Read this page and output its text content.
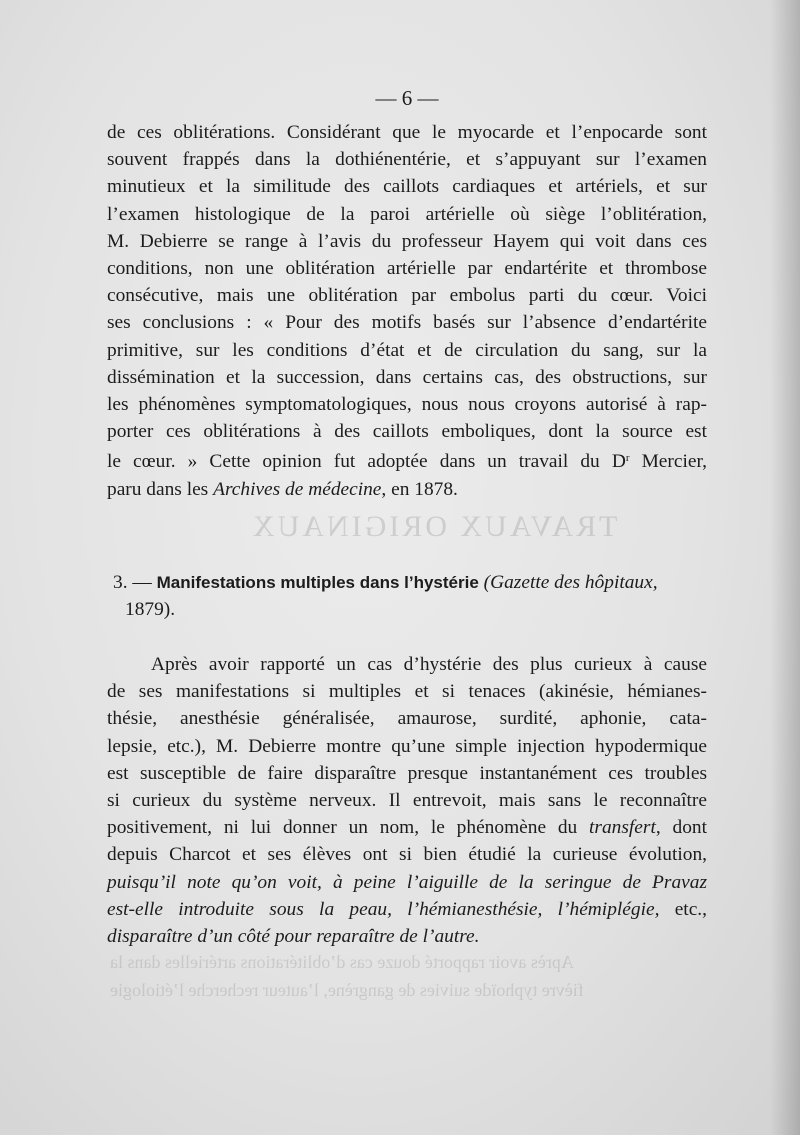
TRAVAUX ORIGINAUX
Après avoir rapporté douze cas d’oblitérations artérielles dans la
fièvre typhoïde suivies de gangrène, l’auteur recherche l’étiologie
— 6 —

de ces oblitérations. Considérant que le myocarde et l’enpocarde sont
souvent frappés dans la dothiénentérie, et s’appuyant sur l’examen
minutieux et la similitude des caillots cardiaques et artériels, et sur
l’examen histologique de la paroi artérielle où siège l’oblitération,
M. Debierre se range à l’avis du professeur Hayem qui voit dans ces
conditions, non une oblitération artérielle par endartérite et thrombose
consécutive, mais une oblitération par embolus parti du cœur. Voici
ses conclusions : « Pour des motifs basés sur l’absence d’endartérite
primitive, sur les conditions d’état et de circulation du sang, sur la
dissémination et la succession, dans certains cas, des obstructions, sur
les phénomènes symptomatologiques, nous nous croyons autorisé à rap-
porter ces oblitérations à des caillots emboliques, dont la source est
le cœur. » Cette opinion fut adoptée dans un travail du $D^r$ Mercier,
paru dans les Archives de médecine, en 1878.

3. — Manifestations multiples dans l’hystérie (Gazette des hôpitaux,
1879).

Après avoir rapporté un cas d’hystérie des plus curieux à cause
de ses manifestations si multiples et si tenaces (akinésie, hémianes-
thésie, anesthésie généralisée, amaurose, surdité, aphonie, cata-
lepsie, etc.), M. Debierre montre qu’une simple injection hypodermique
est susceptible de faire disparaître presque instantanément ces troubles
si curieux du système nerveux. Il entrevoit, mais sans le reconnaître
positivement, ni lui donner un nom, le phénomène du transfert, dont
depuis Charcot et ses élèves ont si bien étudié la curieuse évolution,
puisqu’il note qu’on voit, à peine l’aiguille de la seringue de Pravaz
est-elle introduite sous la peau, l’hémianesthésie, l’hémiplégie, etc.,
disparaître d’un côté pour reparaître de l’autre.
